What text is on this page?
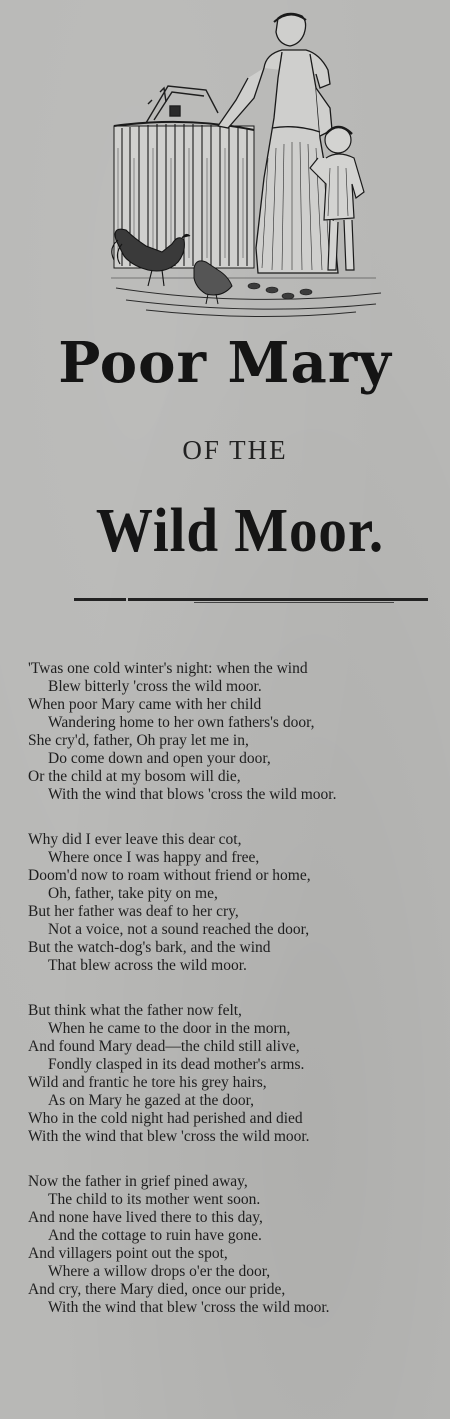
Poor Mary
OF THE
Wild Moor.
'Twas one cold winter's night: when the wind
Blew bitterly 'cross the wild moor.
When poor Mary came with her child
Wandering home to her own fathers's door,
She cry'd, father, Oh pray let me in,
Do come down and open your door,
Or the child at my bosom will die,
With the wind that blows 'cross the wild moor.
Why did I ever leave this dear cot,
Where once I was happy and free,
Doom'd now to roam without friend or home,
Oh, father, take pity on me,
But her father was deaf to her cry,
Not a voice, not a sound reached the door,
But the watch-dog's bark, and the wind
That blew across the wild moor.
But think what the father now felt,
When he came to the door in the morn,
And found Mary dead—the child still alive,
Fondly clasped in its dead mother's arms.
Wild and frantic he tore his grey hairs,
As on Mary he gazed at the door,
Who in the cold night had perished and died
With the wind that blew 'cross the wild moor.
Now the father in grief pined away,
The child to its mother went soon.
And none have lived there to this day,
And the cottage to ruin have gone.
And villagers point out the spot,
Where a willow drops o'er the door,
And cry, there Mary died, once our pride,
With the wind that blew 'cross the wild moor.
